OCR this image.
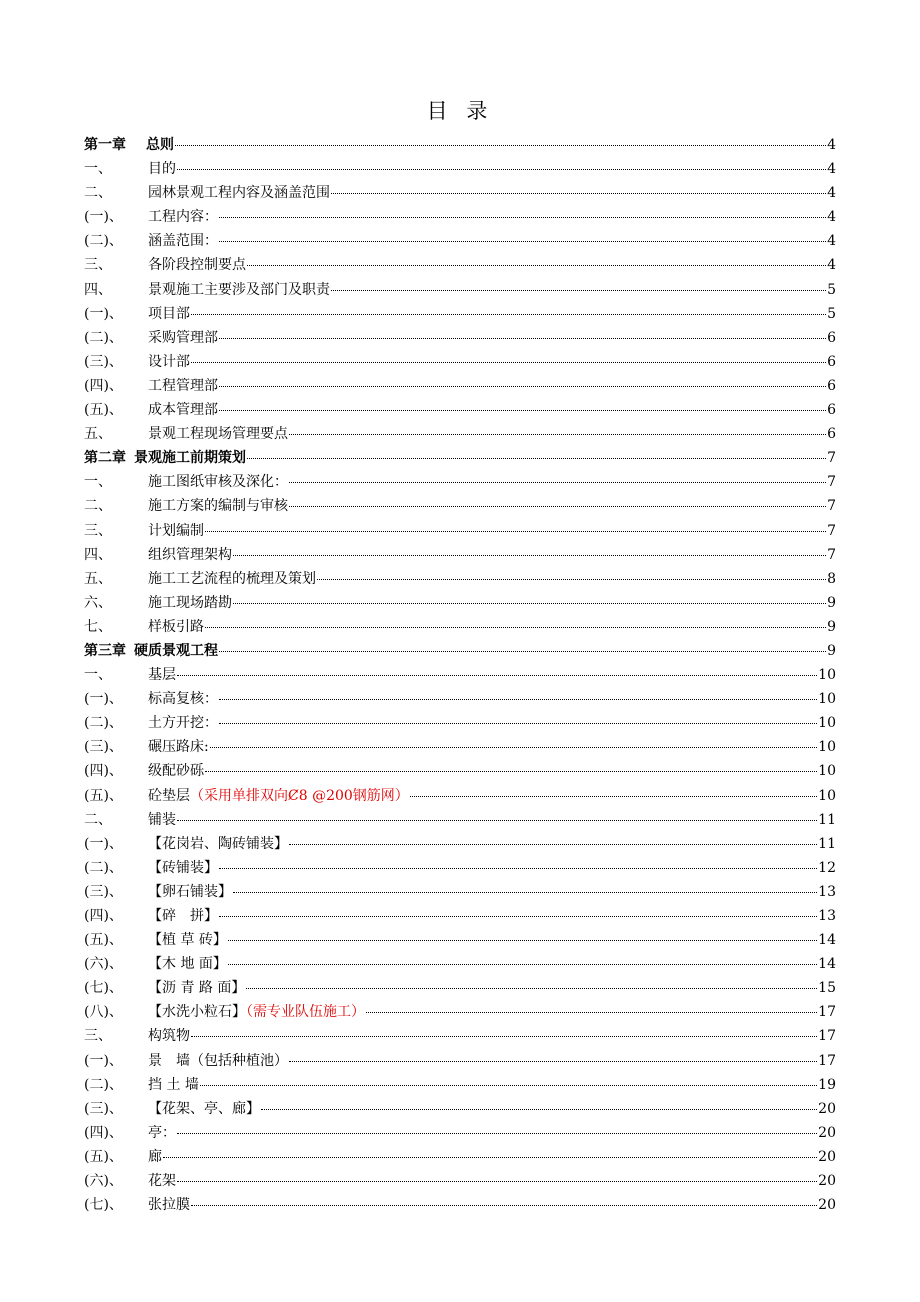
目 录
第一章	总则	4
一、	目的	4
二、	园林景观工程内容及涵盖范围	4
(一)、	工程内容：	4
(二)、	涵盖范围：	4
三、	各阶段控制要点	4
四、	景观施工主要涉及部门及职责	5
(一)、	项目部	5
(二)、	采购管理部	6
(三)、	设计部	6
(四)、	工程管理部	6
(五)、	成本管理部	6
五、	景观工程现场管理要点	6
第二章 景观施工前期策划	7
一、	施工图纸审核及深化：	7
二、	施工方案的编制与审核	7
三、	计划编制	7
四、	组织管理架构	7
五、	施工工艺流程的梳理及策划	8
六、	施工现场踏勘	9
七、	样板引路	9
第三章 硬质景观工程	9
一、	基层	10
(一)、	标高复核：	10
(二)、	土方开挖：	10
(三)、	碾压路床:	10
(四)、	级配砂砾	10
(五)、	砼垫层（采用单排双向Ȼ8 @200钢筋网）	10
二、	铺装	11
(一)、	【花岗岩、陶砖铺装】	11
(二)、	【砖铺装】	12
(三)、	【卵石铺装】	13
(四)、	【碎　拼】	13
(五)、	【植 草 砖】	14
(六)、	【木 地 面】	14
(七)、	【沥 青 路 面】	15
(八)、	【水洗小粒石】（需专业队伍施工）	17
三、	构筑物	17
(一)、	景　墙（包括种植池）	17
(二)、	挡 土 墙	19
(三)、	【花架、亭、廊】	20
(四)、	亭：	20
(五)、	廊	20
(六)、	花架	20
(七)、	张拉膜	20
